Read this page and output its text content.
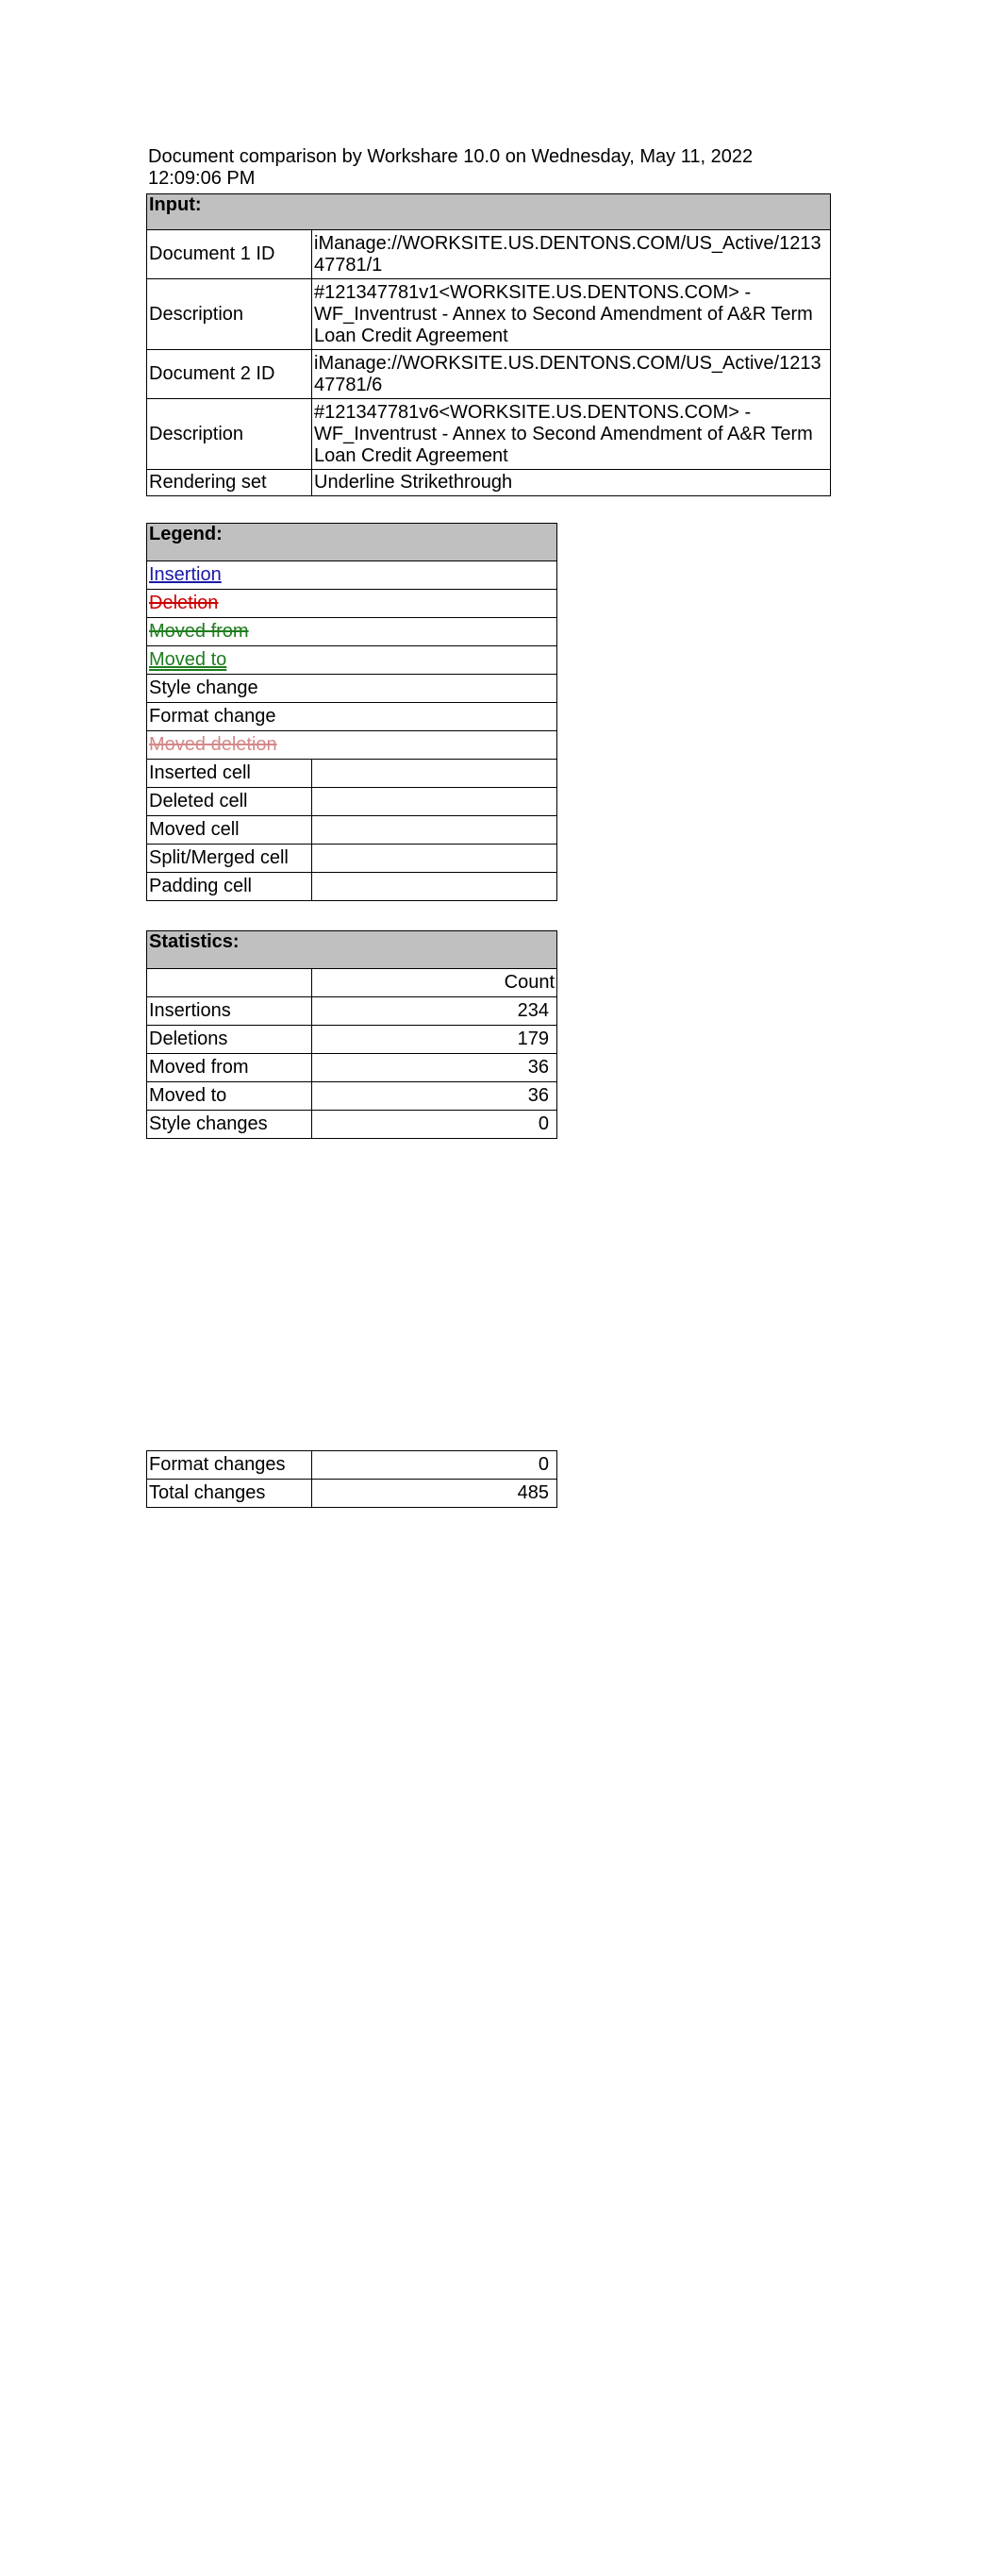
Document comparison by Workshare 10.0 on Wednesday, May 11, 2022 12:09:06 PM
Input:	
Document 1 ID	iManage://WORKSITE.US.DENTONS.COM/US_Active/121347781/1
Description	#121347781v1<WORKSITE.US.DENTONS.COM> - WF_Inventrust - Annex to Second Amendment of A&R Term Loan Credit Agreement
Document 2 ID	iManage://WORKSITE.US.DENTONS.COM/US_Active/121347781/6
Description	#121347781v6<WORKSITE.US.DENTONS.COM> - WF_Inventrust - Annex to Second Amendment of A&R Term Loan Credit Agreement
Rendering set	Underline Strikethrough
Legend:	
Insertion	
Deletion	
Moved from	
Moved to	
Style change	
Format change	
Moved deletion	
Inserted cell	
Deleted cell	
Moved cell	
Split/Merged cell	
Padding cell	
Statistics:	
	Count
Insertions	234
Deletions	179
Moved from	36
Moved to	36
Style changes	0
Format changes	0
Total changes	485
